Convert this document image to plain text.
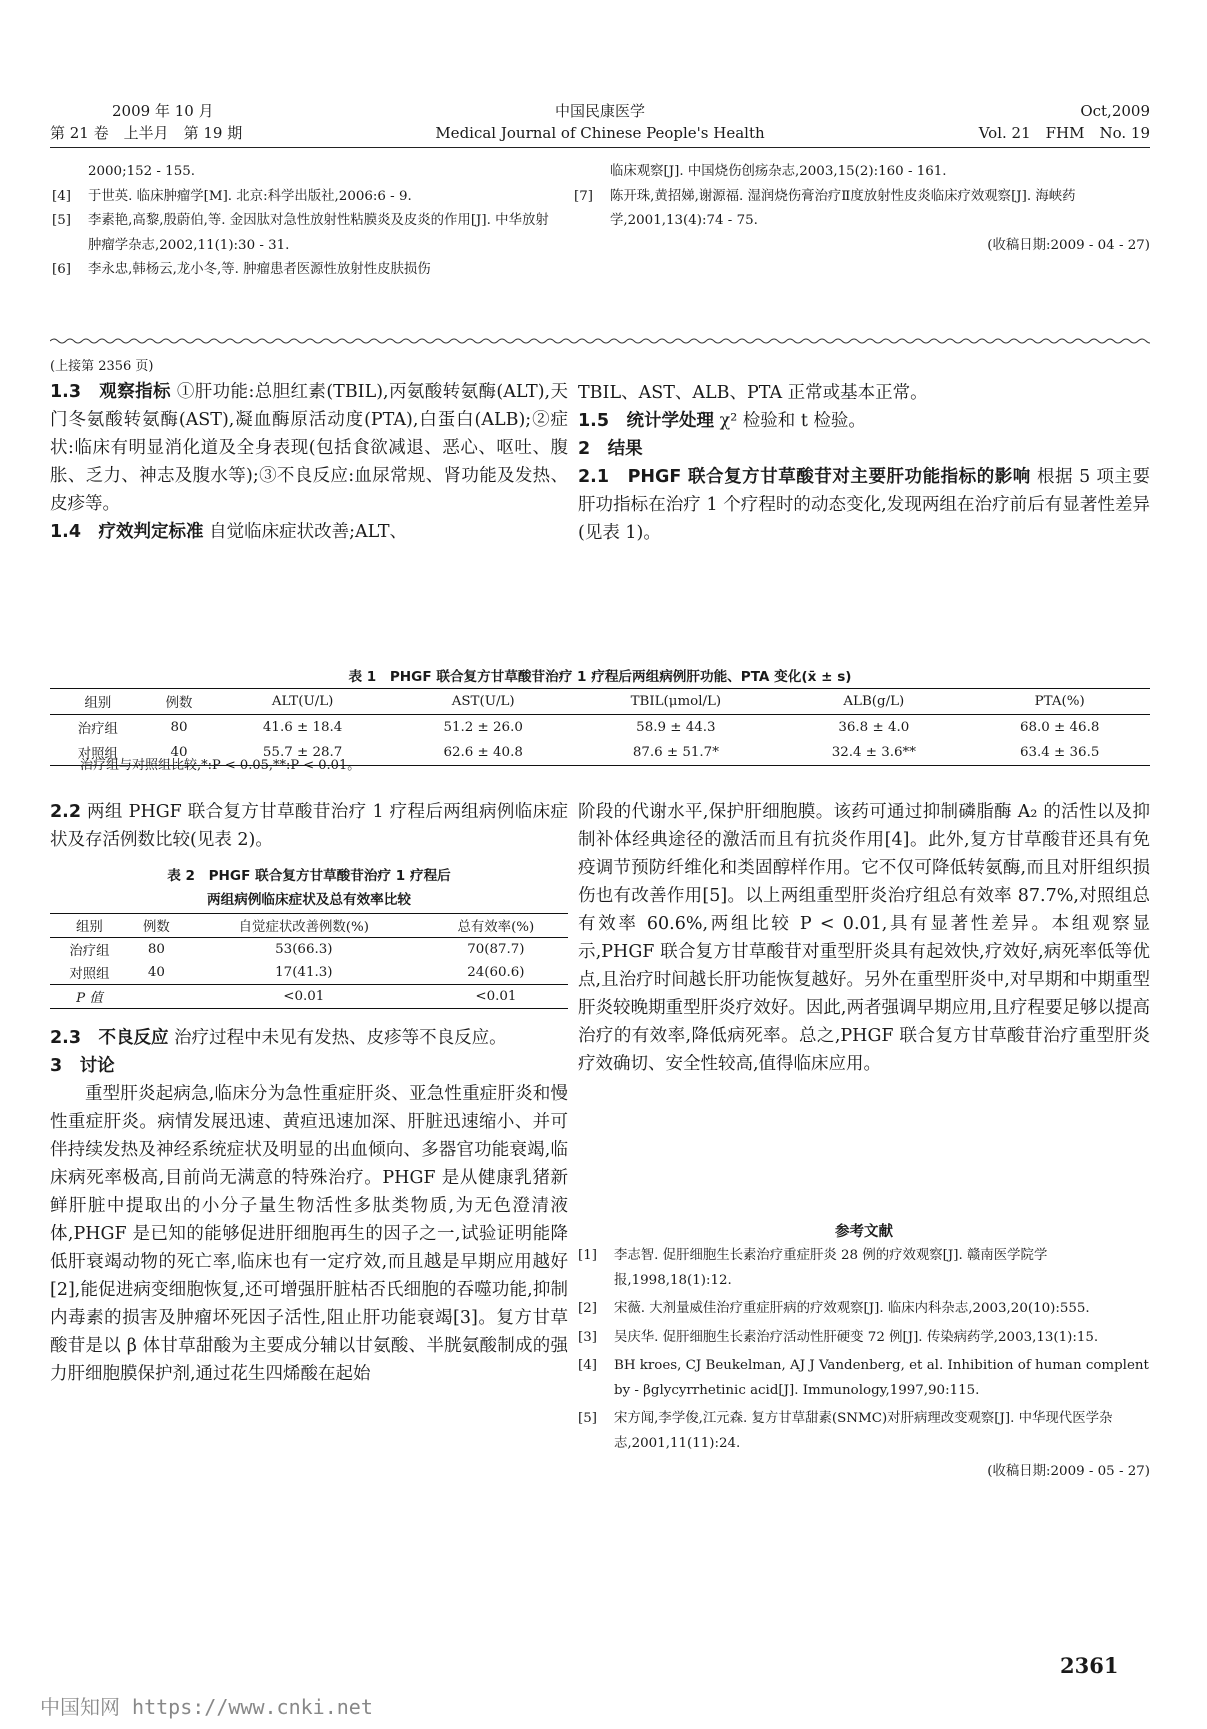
2009 年 10 月
第 21 卷　上半月　第 19 期
中国民康医学
Medical Journal of Chinese People's Health
Oct,2009
Vol. 21　FHM　No. 19
2000;152 - 155.
[4]	于世英. 临床肿瘤学[M]. 北京:科学出版社,2006:6 - 9.
[5]	李素艳,高黎,殷蔚伯,等. 金因肽对急性放射性粘膜炎及皮炎的作用[J]. 中华放射肿瘤学杂志,2002,11(1):30 - 31.
[6]	李永忠,韩杨云,龙小冬,等. 肿瘤患者医源性放射性皮肤损伤
临床观察[J]. 中国烧伤创疡杂志,2003,15(2):160 - 161.
[7]	陈开珠,黄招娣,谢源福. 湿润烧伤膏治疗Ⅱ度放射性皮炎临床疗效观察[J]. 海峡药学,2001,13(4):74 - 75.
(收稿日期:2009 - 04 - 27)
(上接第 2356 页)
1.3　观察指标 ①肝功能:总胆红素(TBIL),丙氨酸转氨酶(ALT),天门冬氨酸转氨酶(AST),凝血酶原活动度(PTA),白蛋白(ALB);②症状:临床有明显消化道及全身表现(包括食欲减退、恶心、呕吐、腹胀、乏力、神志及腹水等);③不良反应:血尿常规、肾功能及发热、皮疹等。
1.4　疗效判定标准 自觉临床症状改善;ALT、
TBIL、AST、ALB、PTA 正常或基本正常。
1.5　统计学处理 χ² 检验和 t 检验。
2　结果
2.1　PHGF 联合复方甘草酸苷对主要肝功能指标的影响 根据 5 项主要肝功指标在治疗 1 个疗程时的动态变化,发现两组在治疗前后有显著性差异(见表 1)。
表 1　PHGF 联合复方甘草酸苷治疗 1 疗程后两组病例肝功能、PTA 变化(x̄ ± s)
组别	例数	ALT(U/L)	AST(U/L)	TBIL(μmol/L)	ALB(g/L)	PTA(%)
治疗组	80	41.6 ± 18.4	51.2 ± 26.0	58.9 ± 44.3	36.8 ± 4.0	68.0 ± 46.8
对照组	40	55.7 ± 28.7	62.6 ± 40.8	87.6 ± 51.7*	32.4 ± 3.6**	63.4 ± 36.5
治疗组与对照组比较,*:P < 0.05,**:P < 0.01。
2.2 两组 PHGF 联合复方甘草酸苷治疗 1 疗程后两组病例临床症状及存活例数比较(见表 2)。
表 2　PHGF 联合复方甘草酸苷治疗 1 疗程后
两组病例临床症状及总有效率比较
组别	例数	自觉症状改善例数(%)	总有效率(%)
治疗组	80	53(66.3)	70(87.7)
对照组	40	17(41.3)	24(60.6)
P 值		<0.01	<0.01
2.3　不良反应 治疗过程中未见有发热、皮疹等不良反应。
3　讨论
重型肝炎起病急,临床分为急性重症肝炎、亚急性重症肝炎和慢性重症肝炎。病情发展迅速、黄疸迅速加深、肝脏迅速缩小、并可伴持续发热及神经系统症状及明显的出血倾向、多器官功能衰竭,临床病死率极高,目前尚无满意的特殊治疗。PHGF 是从健康乳猪新鲜肝脏中提取出的小分子量生物活性多肽类物质,为无色澄清液体,PHGF 是已知的能够促进肝细胞再生的因子之一,试验证明能降低肝衰竭动物的死亡率,临床也有一定疗效,而且越是早期应用越好[2],能促进病变细胞恢复,还可增强肝脏枯否氏细胞的吞噬功能,抑制内毒素的损害及肿瘤坏死因子活性,阻止肝功能衰竭[3]。复方甘草酸苷是以 β 体甘草甜酸为主要成分辅以甘氨酸、半胱氨酸制成的强力肝细胞膜保护剂,通过花生四烯酸在起始
阶段的代谢水平,保护肝细胞膜。该药可通过抑制磷脂酶 A₂ 的活性以及抑制补体经典途径的激活而且有抗炎作用[4]。此外,复方甘草酸苷还具有免疫调节预防纤维化和类固醇样作用。它不仅可降低转氨酶,而且对肝组织损伤也有改善作用[5]。以上两组重型肝炎治疗组总有效率 87.7%,对照组总有效率 60.6%,两组比较 P < 0.01,具有显著性差异。本组观察显示,PHGF 联合复方甘草酸苷对重型肝炎具有起效快,疗效好,病死率低等优点,且治疗时间越长肝功能恢复越好。另外在重型肝炎中,对早期和中期重型肝炎较晚期重型肝炎疗效好。因此,两者强调早期应用,且疗程要足够以提高治疗的有效率,降低病死率。总之,PHGF 联合复方甘草酸苷治疗重型肝炎疗效确切、安全性较高,值得临床应用。
参考文献
[1]	李志智. 促肝细胞生长素治疗重症肝炎 28 例的疗效观察[J]. 赣南医学院学报,1998,18(1):12.
[2]	宋薇. 大剂量威佳治疗重症肝病的疗效观察[J]. 临床内科杂志,2003,20(10):555.
[3]	吴庆华. 促肝细胞生长素治疗活动性肝硬变 72 例[J]. 传染病药学,2003,13(1):15.
[4]	BH kroes, CJ Beukelman, AJ J Vandenberg, et al. Inhibition of human complent by - βglycyrrhetinic acid[J]. Immunology,1997,90:115.
[5]	宋方闻,李学俊,江元森. 复方甘草甜素(SNMC)对肝病理改变观察[J]. 中华现代医学杂志,2001,11(11):24.
(收稿日期:2009 - 05 - 27)
2361
中国知网 https://www.cnki.net
